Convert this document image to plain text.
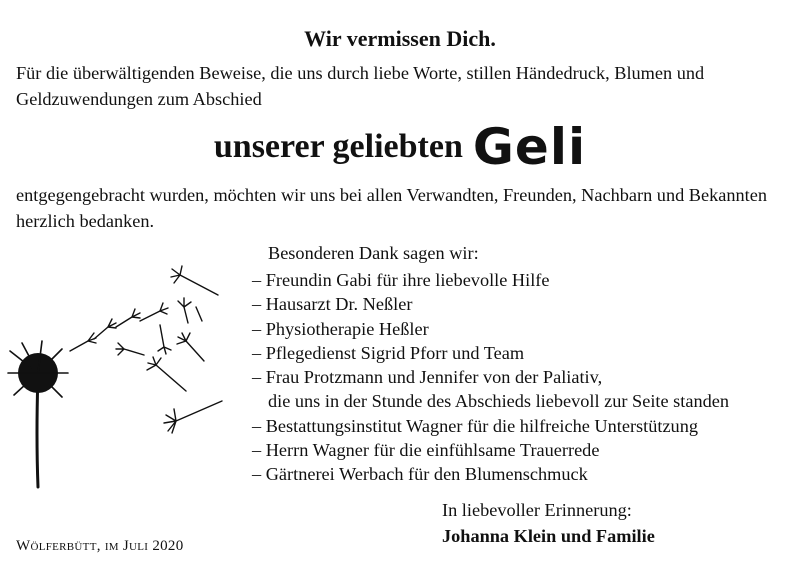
Wir vermissen Dich.
Für die überwältigenden Beweise, die uns durch liebe Worte, stillen Händedruck, Blumen und Geldzuwendungen zum Abschied
unserer geliebten Geli
entgegengebracht wurden, möchten wir uns bei allen Verwandten, Freunden, Nachbarn und Bekannten herzlich bedanken.
Besonderen Dank sagen wir:
– Freundin Gabi für ihre liebevolle Hilfe
– Hausarzt Dr. Neßler
– Physiotherapie Heßler
– Pflegedienst Sigrid Pforr und Team
– Frau Protzmann und Jennifer von der Paliativ,
die uns in der Stunde des Abschieds liebevoll zur Seite standen
– Bestattungsinstitut Wagner für die hilfreiche Unterstützung
– Herrn Wagner für die einfühlsame Trauerrede
– Gärtnerei Werbach für den Blumenschmuck
In liebevoller Erinnerung:
Johanna Klein und Familie
Wölferbütt, im Juli 2020
